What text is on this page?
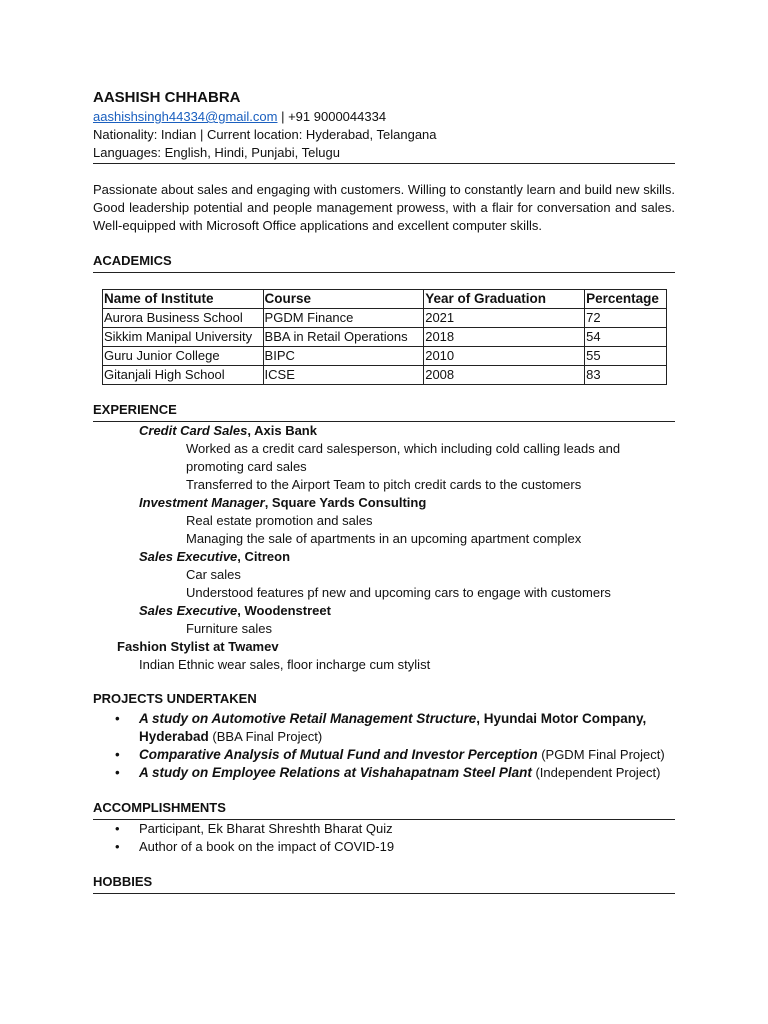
AASHISH CHHABRA

aashishsingh44334@gmail.com | +91 9000044334

Nationality: Indian | Current location: Hyderabad, Telangana

Languages: English, Hindi, Punjabi, Telugu

Passionate about sales and engaging with customers. Willing to constantly learn and build new skills. Good leadership potential and people management prowess, with a flair for conversation and sales. Well-equipped with Microsoft Office applications and excellent computer skills.

ACADEMICS
Name of Institute	Course	Year of Graduation	Percentage
Aurora Business School	PGDM Finance	2021	72
Sikkim Manipal University	BBA in Retail Operations	2018	54
Guru Junior College	BIPC	2010	55
Gitanjali High School	ICSE	2008	83
EXPERIENCE

Credit Card Sales, Axis Bank

Worked as a credit card salesperson, which including cold calling leads and promoting card sales

Transferred to the Airport Team to pitch credit cards to the customers

Investment Manager, Square Yards Consulting

Real estate promotion and sales

Managing the sale of apartments in an upcoming apartment complex

Sales Executive, Citreon

Car sales

Understood features pf new and upcoming cars to engage with customers

Sales Executive, Woodenstreet

Furniture sales

Fashion Stylist at Twamev

Indian Ethnic wear sales, floor incharge cum stylist

PROJECTS UNDERTAKEN
• A study on Automotive Retail Management Structure, Hyundai Motor Company, Hyderabad (BBA Final Project)
• Comparative Analysis of Mutual Fund and Investor Perception (PGDM Final Project)
• A study on Employee Relations at Vishahapatnam Steel Plant (Independent Project)
ACCOMPLISHMENTS
• Participant, Ek Bharat Shreshth Bharat Quiz
• Author of a book on the impact of COVID-19
HOBBIES
